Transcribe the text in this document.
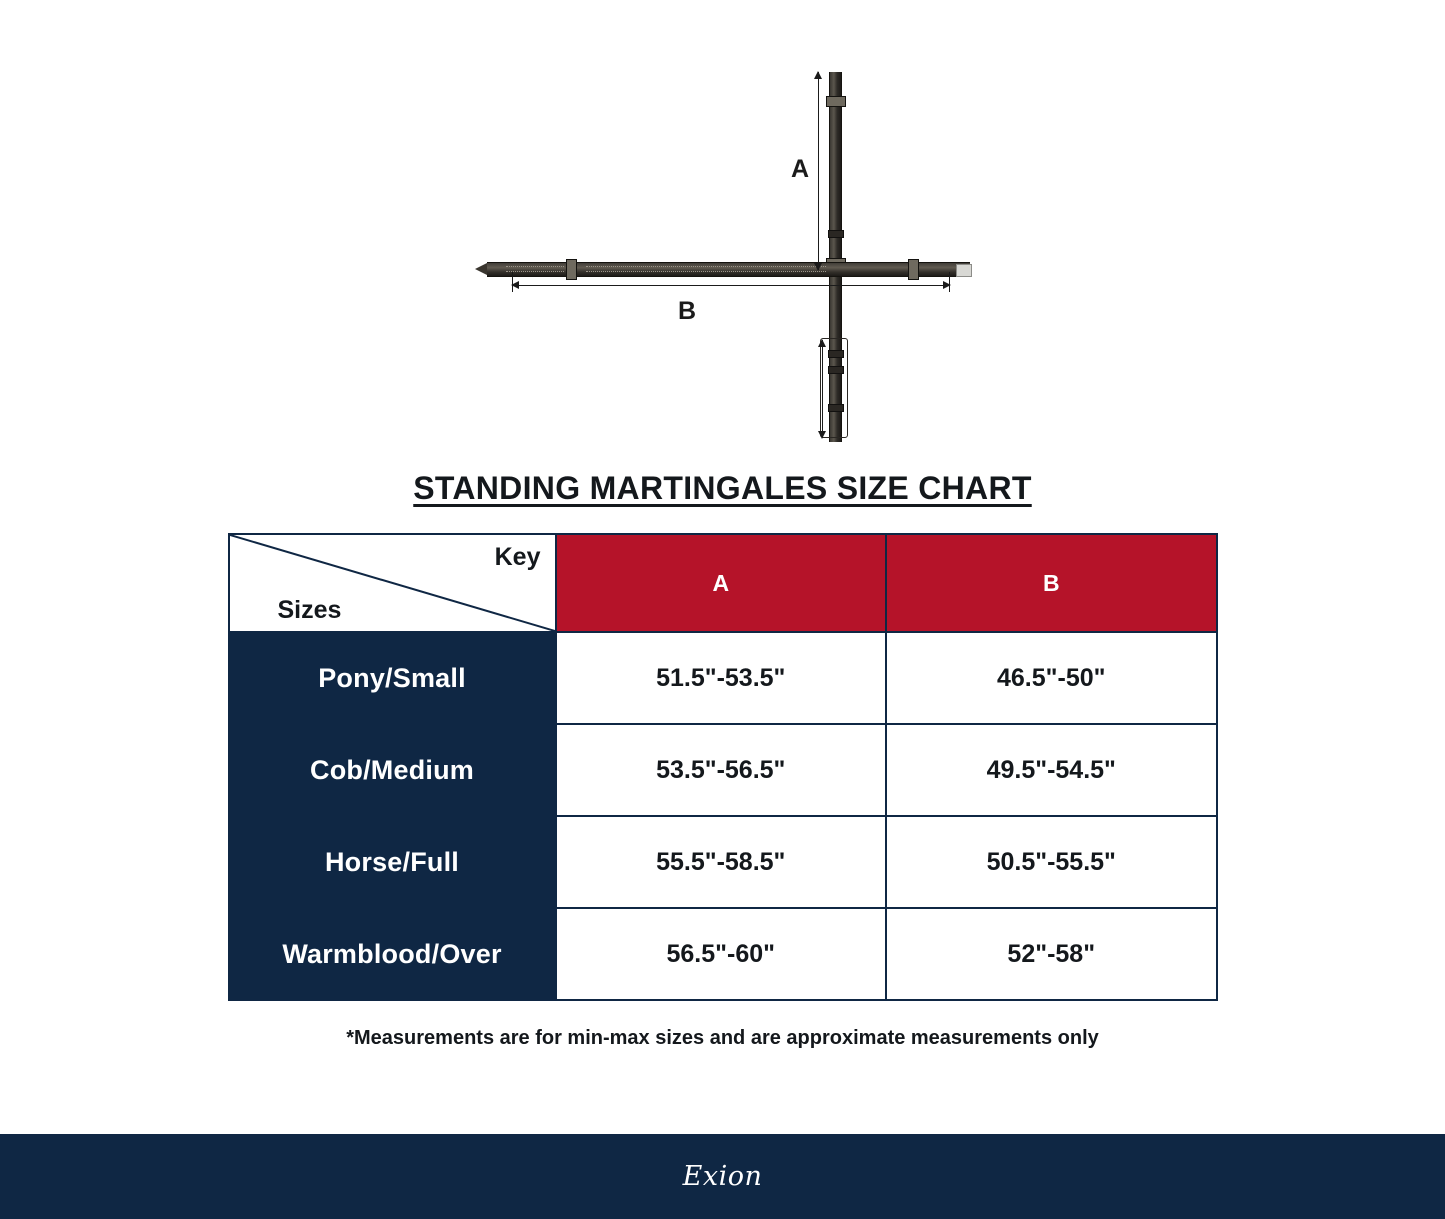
A
B
STANDING MARTINGALES SIZE CHART
Key
Sizes	A	B
Pony/Small	51.5"-53.5"	46.5"-50"
Cob/Medium	53.5"-56.5"	49.5"-54.5"
Horse/Full	55.5"-58.5"	50.5"-55.5"
Warmblood/Over	56.5"-60"	52"-58"

*Measurements are for min-max sizes and are approximate measurements only

Exion
